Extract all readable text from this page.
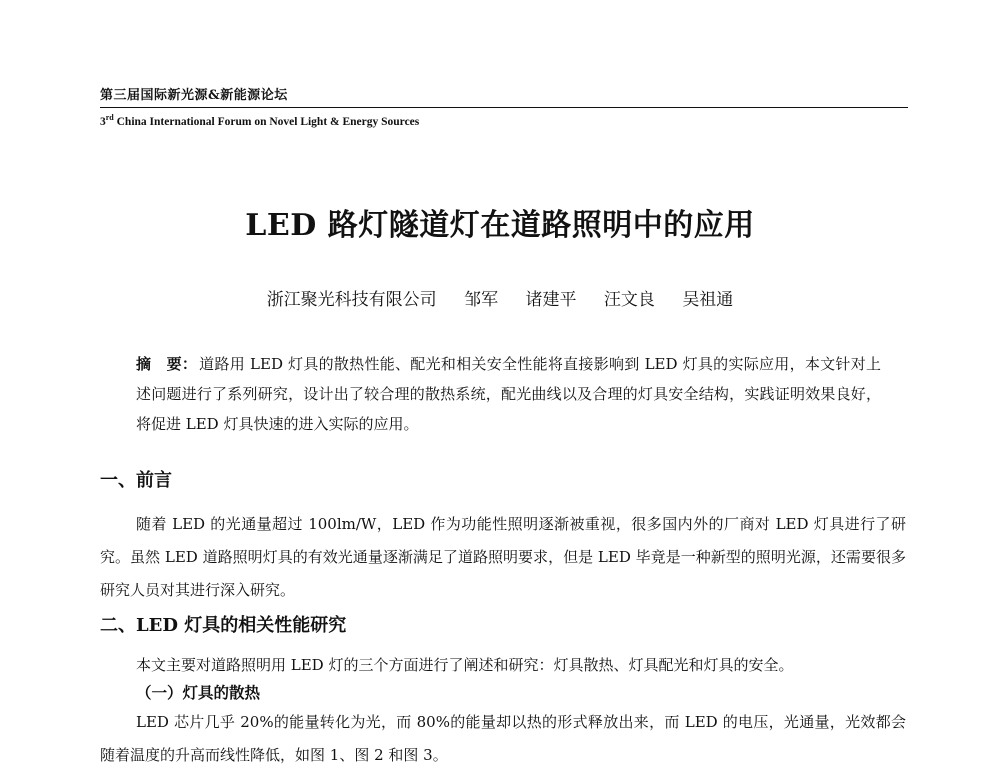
第三届国际新光源&新能源论坛
3rd China International Forum on Novel Light & Energy Sources
LED 路灯隧道灯在道路照明中的应用
浙江聚光科技有限公司 邹军 诸建平 汪文良 吴祖通
摘　要： 道路用 LED 灯具的散热性能、配光和相关安全性能将直接影响到 LED 灯具的实际应用，本文针对上述问题进行了系列研究，设计出了较合理的散热系统，配光曲线以及合理的灯具安全结构，实践证明效果良好，将促进 LED 灯具快速的进入实际的应用。
一、前言
随着 LED 的光通量超过 100lm/W，LED 作为功能性照明逐渐被重视，很多国内外的厂商对 LED 灯具进行了研究。虽然 LED 道路照明灯具的有效光通量逐渐满足了道路照明要求，但是 LED 毕竟是一种新型的照明光源，还需要很多研究人员对其进行深入研究。
二、LED 灯具的相关性能研究
本文主要对道路照明用 LED 灯的三个方面进行了阐述和研究：灯具散热、灯具配光和灯具的安全。
（一）灯具的散热
LED 芯片几乎 20%的能量转化为光，而 80%的能量却以热的形式释放出来，而 LED 的电压，光通量，光效都会随着温度的升高而线性降低，如图 1、图 2 和图 3。
